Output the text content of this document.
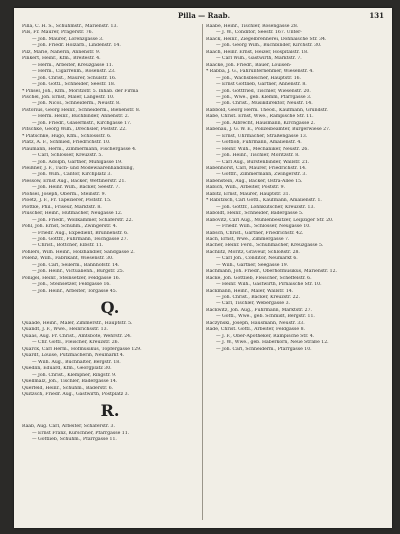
Pilla — Raab.	131
Pilla, C. H. S., Schuhmstr., Marienstr. 13.
Pils, Fr. Maurer, Pragerstr. 76.
— Joh. Maurer, Lorenzgasse 3.
— Joh. Friedr. Holzarb., Lindenstr. 14.
Pilz, Marie, Näherin, Annenstr. 9.
Pinkert, Heinr., Kfm., Breitestr. 4.
— Herm., Arbeiter, Kreuzgasse 11.
— Herm., Cigarrenm., Rosenstr. 23.
— Joh. Christ., Maurer, Schulstr. 16.
— Joh. Gottl., Schneider, Seestr. 18.
* Pinsel, Joh., Kfm., Moritzstr. 5. Inhab. der Firma
Pischel, Joh. Ernst, Maler, Langestr. 10.
— Joh. Nicol., Schneiderm., Neustr. 8.
Pistorius, Georg Heinr., Schneiderm., Bienenstr. 8.
— Herm. Heinr., Buchbinder, Annenstr. 2.
— Joh. Friedr., Glasermstr., Kirchgasse 17.
Pitschke, Georg Wilh., Drechsler, Poststr. 22.
* Plätschke, Hugo, Kfm., Schlossstr. 6.
Platz, A. F., Schmied, Friedrichstr. 10.
Plaumann, Herm., Zimmermann, Fischergasse 4.
— Carl, Schlosser, Kreuzstr. 5.
— Joh. Adolph, Gärtner, Mühlgasse 19.
Pleißner, J. F., Tuch- und Modewaarenhandlung,
— Joh. Wilh., Cantor, Kirchplatz 3.
Plessow, Ernst Aug., Bäcker, Wettinerstr. 21.
— Joh. Heinr. Wilh., Bäcker, Seestr. 7.
Plöhsel, Joseph, Oberm., Steinstr. 9.
Ploetz, J. F., Fr. Tapezierer, Poststr. 15.
Plottke, Phil., Friseur, Marktstr. 8.
Plüscher, Heinr., Hutmacher, Neugasse 12.
— Joh. Friedr., Wollkämmer, Schäferstr. 22.
Pohl, Joh. Ernst, Schuhm., Zwingerstr. 4.
— Friedr. Aug., Expedient, Brunnenstr. 6.
— Joh. Gottfr., Fuhrmann, Teichgasse 27.
— Christ., Böttcher, Elbstr. 11.
Pohlers, Wilh. Heinr., Holzhändler, Sandgasse 2.
Polenz, Wilh., Fabrikant, Wiesenstr. 30.
— Joh. Carl, Seilerm., Bahnhofstr. 14.
— Joh. Heinr., Victualienh., Burgstr. 25.
Pönigel, Heinr., Steinsetzer, Feldgasse 16.
— Joh., Steinsetzer, Feldgasse 16.
— Joh. Heinr., Arbeiter, Torgasse 45.
Q.
Quaade, Heinr., Maler, Zimmerstr., Hauptstr. 5.
Quandt, J. F., Wwe., Heinrichsstr. 13.
Quaas, Aug. Fr. Christ., Amtsbote, Wehrstr. 24.
— Chr. Gottl., Fleischer, Kreuzstr. 26.
Quarck, Carl Herm., Hofmusikus, Töpfergasse 129.
Quardt, Louise, Putzmacherin, Neumarkt 4.
— Wilh. Aug., Buchhalter, Bergstr. 18.
Quedlin, Eduard, Kfm., Georgplatz 30.
— Joh. Christ., Klempner, Ringstr. 9.
Quellmalz, Joh., Tischler, Badergasse 14.
Querfeld, Heinr., Schuhm., Baderstr. 6.
Quitzsch, Friedr. Aug., Gastwirth, Postplatz 3.
R.
Raab, Aug. Carl, Arbeiter, Schäferstr. 3.
— Ernst Franz, Kürschner, Pfarrgasse 11.
— Gottlieb, Schuhm., Pfarrgasse 11.
Raabe, Heinr., Tischler, Rosengasse 28.
— J. W., Conditor, Seestr. 167. Unter-
Raack, Heinr., Ziegelbrennerei, Dohnaische Str. 34.
— Joh. Georg Wilh., Buchbinder, Kirchstr. 30.
Raach, Heinr. Ernst, Heizer, Hospitalstr. 18.
— Carl Wilh., Gastwirth, Marktstr. 7.
Raacke, Joh. Friedr., Bauer, Louisen-
* Rabba, J. G., Fahrunternehmer, Wiesenstr. 4.
— Joh., Wachsbleicher, Hauptstr. 16.
— Ernst Gottlieb, Gärtner, Annenstr. 8.
— Joh. Gottfried, Tischler, Wiesenstr. 20.
— Joh., Wwe., geb. Klemm, Pfarrgasse 3.
— Joh. Christ., Musikdirektor, Neustr. 14.
Rabbold, Georg Herm. Theod., Kaufmann, Grundstr.
Rabe, Christ. Ernst, Wwe., Rampische Str. 11.
— Joh. Albrecht, Hausmann, Kirchgasse 2.
Rabenau, J. G. W. E., Polizeibeamter, Bürgerwiese 27.
— Ernst, Uhrmacher, Straßengasse 13.
— Gottlob, Fuhrmann, Amalienstr. 4.
— Heinr. Wilh., Mechaniker, Neustr. 26.
— Joh. Heinr., Tischler, Moritzstr. 8.
— Carl Aug., Bürstenbinder, Wallstr. 21.
Rabenhorst, Carl, Maurer, Friedrichstr. 14.
— Gottfr., Zimmermann, Zwingerstr. 3.
Rabenstein, Aug., Bäcker, Ostra-Allee 15.
Rabich, Wilh., Arbeiter, Poststr. 9.
Rabitz, Ernst, Maurer, Hauptstr. 31.
* Rabitzsch, Carl Gottl., Kaufmann, Amalienstr. 1.
— Joh. Gottfr., Lohnkutscher, Kreuzstr. 13.
Raboldt, Heinr., Schneider, Badergasse 5.
Rabovitz, Carl Aug., Mühlenbesitzer, Leipziger Str. 20.
— Friedr. Wilh., Schlosser, Neugasse 10.
Rabsch, Christ., Gärtner, Friedrichstr. 42.
Rach, Ernst, Wwe., Zimmergasse 7.
Racher, Heinr. Ferd., Schuhmacher, Kreuzgasse 5.
Rachlitz, Moritz, Graveur, Schloßstr. 28.
— Carl Joh., Conditor, Neumarkt 6.
— Wilh., Gärtner, Seegasse 19.
Rachmann, Joh. Friedr., Oberhofmusikus, Marienstr. 12.
Racke, Joh. Gottlieb, Fleischer, Scheffelstr. 6.
— Heinr. Wilh., Gastwirth, Pirnaische Str. 10.
Rackmann, Heinr., Maler, Wallstr. 14.
— Joh. Christ., Bäcker, Kreuzstr. 22.
— Carl, Tischler, Webergasse 3.
Rackwitz, Joh. Aug., Fuhrmann, Marktstr. 27.
— Gottl., Wwe., geb. Schmidt, Bergstr. 11.
Raczynski, Joseph, Hausmann, Neustr. 33.
Rade, Christ. Gottl., Arbeiter, Feldgasse 8.
— J. F., Ober-Apotheker, Rampische Str. 4.
— J. W., Wwe., geb. Haberkorn, Neue Straße 12.
— Joh. Carl, Schneiderm., Pfarrgasse 10.
